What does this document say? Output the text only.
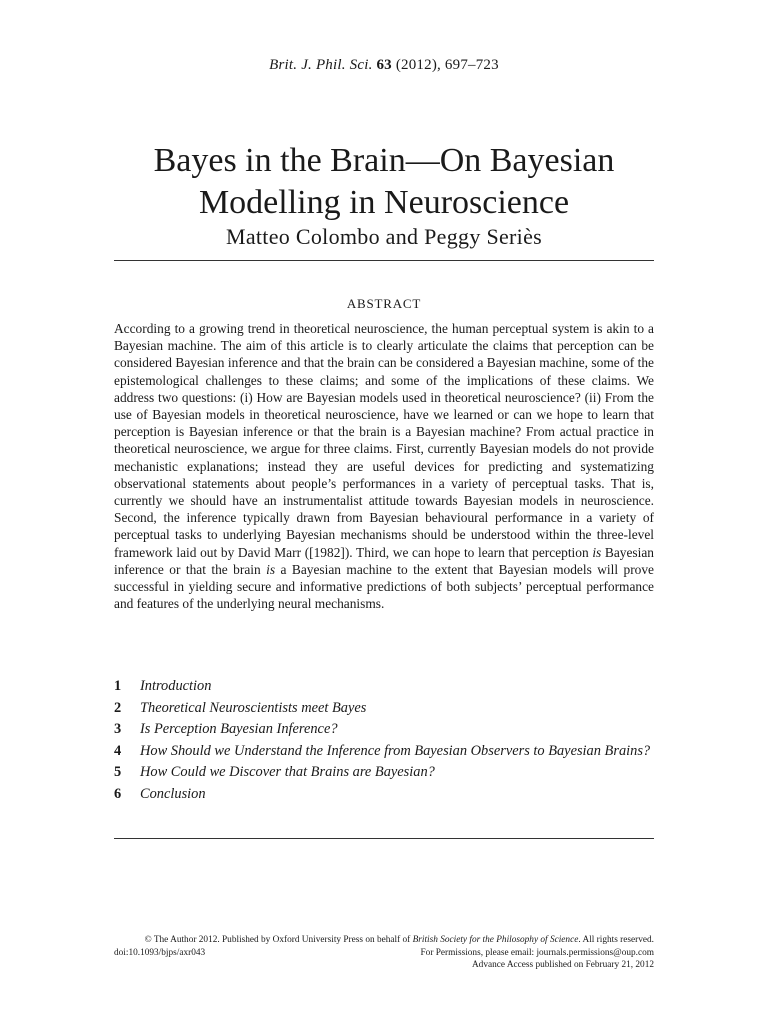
Brit. J. Phil. Sci. 63 (2012), 697–723
Bayes in the Brain—On Bayesian
Modelling in Neuroscience
Matteo Colombo and Peggy Seriès
ABSTRACT

According to a growing trend in theoretical neuroscience, the human perceptual system is akin to a Bayesian machine. The aim of this article is to clearly articulate the claims that perception can be considered Bayesian inference and that the brain can be considered a Bayesian machine, some of the epistemological challenges to these claims; and some of the implications of these claims. We address two questions: (i) How are Bayesian models used in theoretical neuroscience? (ii) From the use of Bayesian models in theoretical neuroscience, have we learned or can we hope to learn that perception is Bayesian inference or that the brain is a Bayesian machine? From actual practice in theoretical neuroscience, we argue for three claims. First, currently Bayesian models do not provide mechanistic explanations; instead they are useful devices for predicting and systematizing observational statements about people’s performances in a variety of perceptual tasks. That is, currently we should have an instrumentalist attitude towards Bayesian models in neuroscience. Second, the inference typically drawn from Bayesian behavioural performance in a variety of perceptual tasks to underlying Bayesian mechanisms should be understood within the three-level framework laid out by David Marr ([1982]). Third, we can hope to learn that perception is Bayesian inference or that the brain is a Bayesian machine to the extent that Bayesian models will prove successful in yielding secure and informative predictions of both subjects’ perceptual performance and features of the underlying neural mechanisms.

1 Introduction
2 Theoretical Neuroscientists meet Bayes
3 Is Perception Bayesian Inference?
4 How Should we Understand the Inference from Bayesian Observers to Bayesian Brains?
5 How Could we Discover that Brains are Bayesian?
6 Conclusion
© The Author 2012. Published by Oxford University Press on behalf of British Society for the Philosophy of Science. All rights reserved.
doi:10.1093/bjps/axr043	For Permissions, please email: journals.permissions@oup.com
Advance Access published on February 21, 2012
